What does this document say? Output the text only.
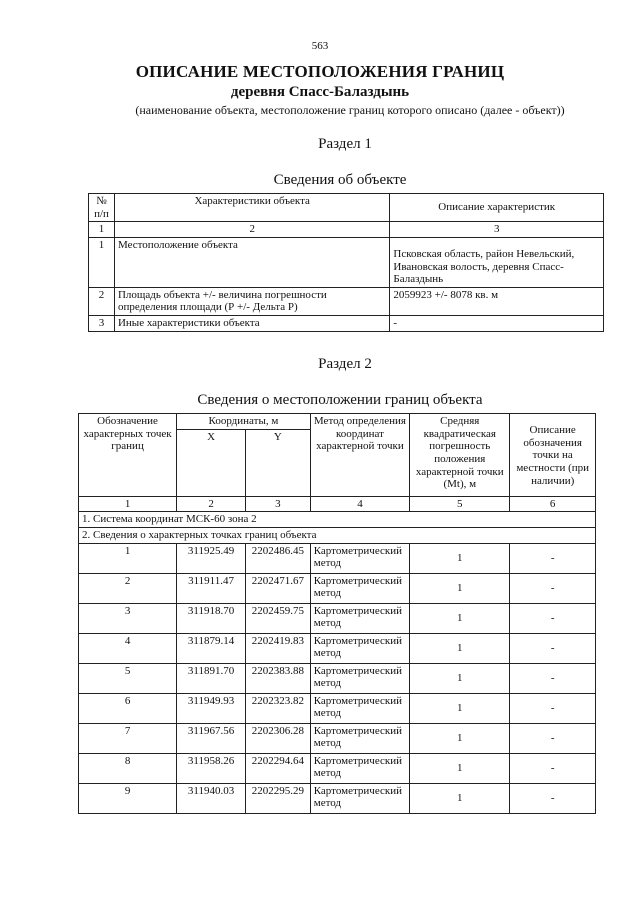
563
ОПИСАНИЕ МЕСТОПОЛОЖЕНИЯ ГРАНИЦ
деревня Спасс-Балаздынь
(наименование объекта, местоположение границ которого описано (далее - объект))
Раздел 1
Сведения об объекте
№ п/п	Характеристики объекта	Описание характеристик
1	2	3
1	Местоположение объекта	Псковская область, район Невельский, Ивановская волость, деревня Спасс- Балаздынь
2	Площадь объекта +/- величина погрешности определения площади (Р +/- Дельта Р)	2059923 +/- 8078 кв. м
3	Иные характеристики объекта	-
Раздел 2
Сведения о местоположении границ объекта
Обозначение характерных точек границ	Координаты, м		Метод определения координат характерной точки	Средняя квадратическая погрешность положения характерной точки (Mt), м	Описание обозначения точки на местности (при наличии)
	X	Y			
1	2	3	4	5	6
1. Система координат МСК-60 зона 2					
2. Сведения о характерных точках границ объекта					
1	311925.49	2202486.45	Картометрический метод	1	-
2	311911.47	2202471.67	Картометрический метод	1	-
3	311918.70	2202459.75	Картометрический метод	1	-
4	311879.14	2202419.83	Картометрический метод	1	-
5	311891.70	2202383.88	Картометрический метод	1	-
6	311949.93	2202323.82	Картометрический метод	1	-
7	311967.56	2202306.28	Картометрический метод	1	-
8	311958.26	2202294.64	Картометрический метод	1	-
9	311940.03	2202295.29	Картометрический метод	1	-
